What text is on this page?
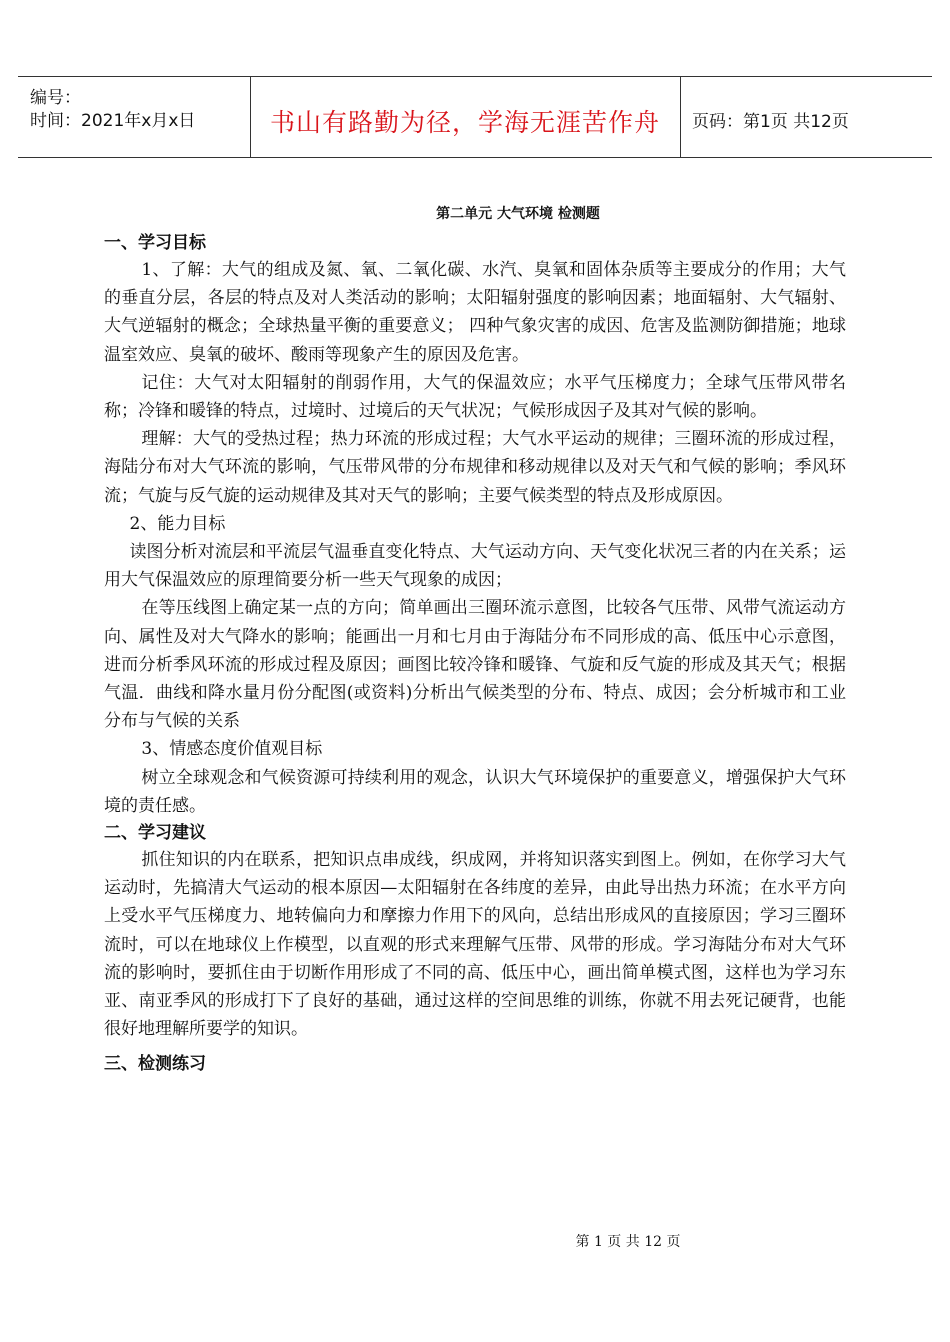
编号：
时间：2021年x月x日	书山有路勤为径，学海无涯苦作舟	页码：第1页 共12页
第二单元 大气环境 检测题
一、学习目标

1、了解：大气的组成及氮、氧、二氧化碳、水汽、臭氧和固体杂质等主要成分的作用；大气的垂直分层，各层的特点及对人类活动的影响；太阳辐射强度的影响因素；地面辐射、大气辐射、大气逆辐射的概念；全球热量平衡的重要意义； 四种气象灾害的成因、危害及监测防御措施；地球温室效应、臭氧的破坏、酸雨等现象产生的原因及危害。

记住：大气对太阳辐射的削弱作用，大气的保温效应；水平气压梯度力；全球气压带风带名称；冷锋和暖锋的特点，过境时、过境后的天气状况；气候形成因子及其对气候的影响。

理解：大气的受热过程；热力环流的形成过程；大气水平运动的规律；三圈环流的形成过程，海陆分布对大气环流的影响，气压带风带的分布规律和移动规律以及对天气和气候的影响；季风环流；气旋与反气旋的运动规律及其对天气的影响；主要气候类型的特点及形成原因。

2、能力目标

读图分析对流层和平流层气温垂直变化特点、大气运动方向、天气变化状况三者的内在关系；运用大气保温效应的原理简要分析一些天气现象的成因；

在等压线图上确定某一点的方向；简单画出三圈环流示意图，比较各气压带、风带气流运动方向、属性及对大气降水的影响；能画出一月和七月由于海陆分布不同形成的高、低压中心示意图，进而分析季风环流的形成过程及原因；画图比较冷锋和暖锋、气旋和反气旋的形成及其天气；根据气温．曲线和降水量月份分配图(或资料)分析出气候类型的分布、特点、成因；会分析城市和工业分布与气候的关系

3、情感态度价值观目标

树立全球观念和气候资源可持续利用的观念，认识大气环境保护的重要意义，增强保护大气环境的责任感。

二、学习建议

抓住知识的内在联系，把知识点串成线，织成网，并将知识落实到图上。例如，在你学习大气运动时，先搞清大气运动的根本原因—太阳辐射在各纬度的差异，由此导出热力环流；在水平方向上受水平气压梯度力、地转偏向力和摩擦力作用下的风向，总结出形成风的直接原因；学习三圈环流时，可以在地球仪上作模型，以直观的形式来理解气压带、风带的形成。学习海陆分布对大气环流的影响时，要抓住由于切断作用形成了不同的高、低压中心，画出简单模式图，这样也为学习东亚、南亚季风的形成打下了良好的基础，通过这样的空间思维的训练，你就不用去死记硬背，也能很好地理解所要学的知识。

三、检测练习
第 1 页 共 12 页
